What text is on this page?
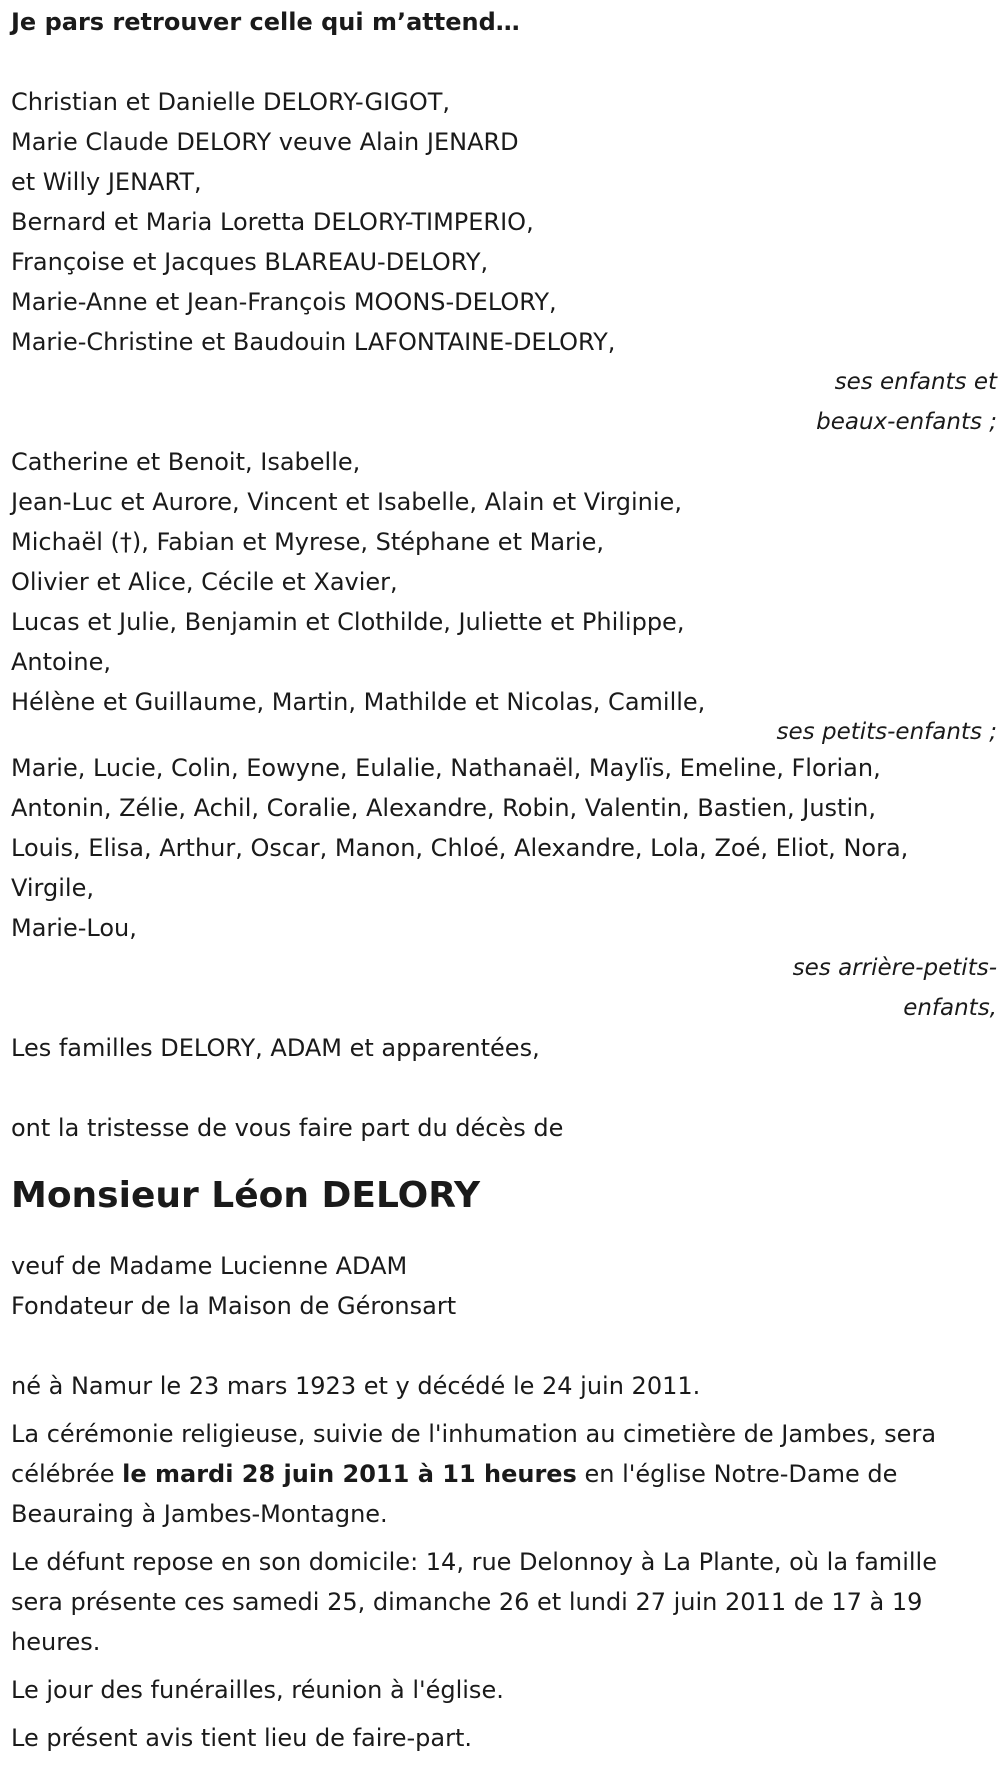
Je pars retrouver celle qui m’attend…

Christian et Danielle DELORY-GIGOT,
Marie Claude DELORY veuve Alain JENARD
et Willy JENART,
Bernard et Maria Loretta DELORY-TIMPERIO,
Françoise et Jacques BLAREAU-DELORY,
Marie-Anne et Jean-François MOONS-DELORY,
Marie-Christine et Baudouin LAFONTAINE-DELORY,
ses enfants et
beaux-enfants ;
Catherine et Benoit, Isabelle,
Jean-Luc et Aurore, Vincent et Isabelle, Alain et Virginie,
Michaël (†), Fabian et Myrese, Stéphane et Marie,
Olivier et Alice, Cécile et Xavier,
Lucas et Julie, Benjamin et Clothilde, Juliette et Philippe,
Antoine,
Hélène et Guillaume, Martin, Mathilde et Nicolas, Camille,
ses petits-enfants ;
Marie, Lucie, Colin, Eowyne, Eulalie, Nathanaël, Maylïs, Emeline, Florian,
Antonin, Zélie, Achil, Coralie, Alexandre, Robin, Valentin, Bastien, Justin,
Louis, Elisa, Arthur, Oscar, Manon, Chloé, Alexandre, Lola, Zoé, Eliot, Nora,
Virgile,
Marie-Lou,
ses arrière-petits-
enfants,
Les familles DELORY, ADAM et apparentées,
ont la tristesse de vous faire part du décès de
Monsieur Léon DELORY
veuf de Madame Lucienne ADAM
Fondateur de la Maison de Géronsart

né à Namur le 23 mars 1923 et y décédé le 24 juin 2011.

La cérémonie religieuse, suivie de l'inhumation au cimetière de Jambes, sera célébrée le mardi 28 juin 2011 à 11 heures en l'église Notre-Dame de Beauraing à Jambes-Montagne.

Le défunt repose en son domicile: 14, rue Delonnoy à La Plante, où la famille sera présente ces samedi 25, dimanche 26 et lundi 27 juin 2011 de 17 à 19 heures.

Le jour des funérailles, réunion à l'église.

Le présent avis tient lieu de faire-part.
